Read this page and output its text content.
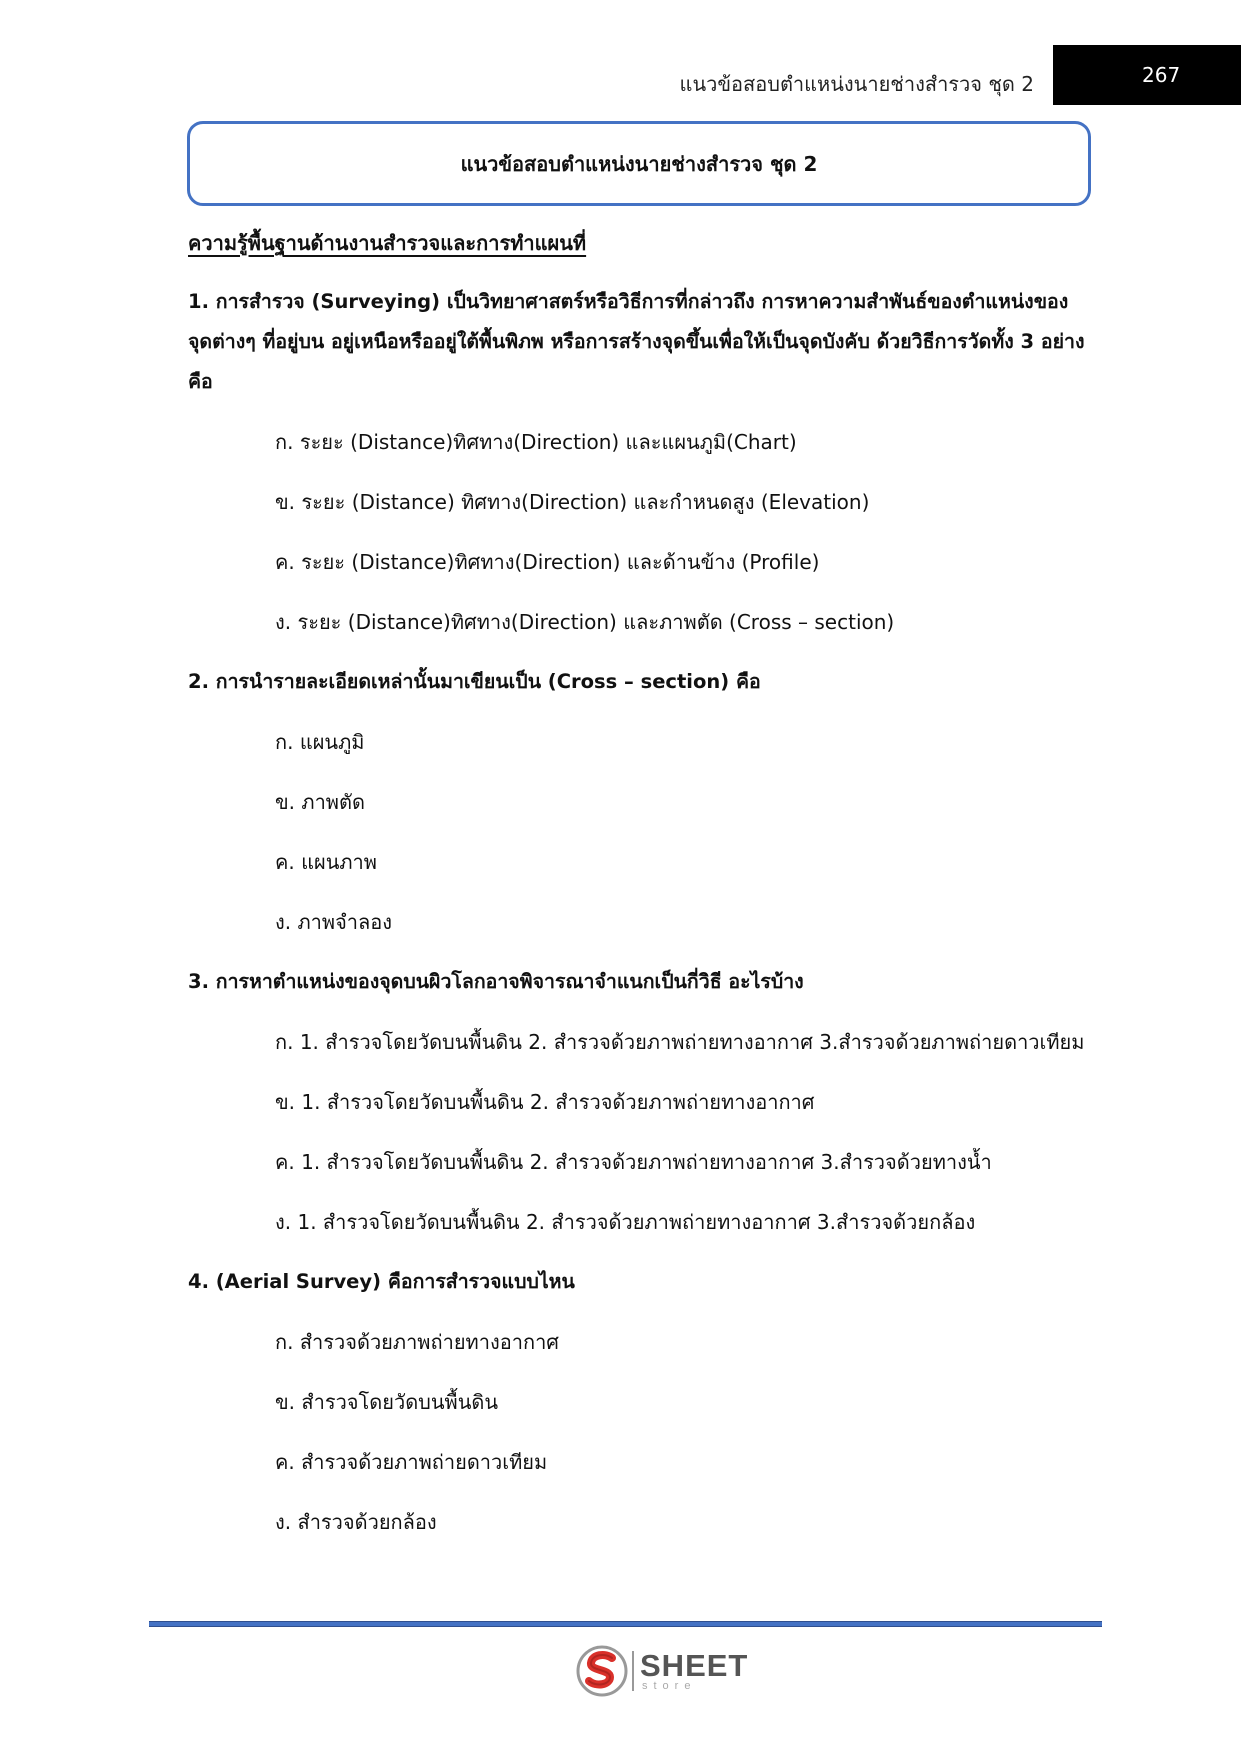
แนวข้อสอบตำแหน่งนายช่างสำรวจ ชุด 2	267
แนวข้อสอบตำแหน่งนายช่างสำรวจ ชุด 2
ความรู้พื้นฐานด้านงานสำรวจและการทำแผนที่
1. การสำรวจ (Surveying) เป็นวิทยาศาสตร์หรือวิธีการที่กล่าวถึง การหาความสำพันธ์ของตำแหน่งของจุดต่างๆ ที่อยู่บน อยู่เหนือหรืออยู่ใต้พื้นพิภพ หรือการสร้างจุดขึ้นเพื่อให้เป็นจุดบังคับ ด้วยวิธีการวัดทั้ง 3 อย่างคือ
ก. ระยะ (Distance)ทิศทาง(Direction) และแผนภูมิ(Chart)
ข. ระยะ (Distance) ทิศทาง(Direction) และกำหนดสูง (Elevation)
ค. ระยะ (Distance)ทิศทาง(Direction) และด้านข้าง (Profile)
ง. ระยะ (Distance)ทิศทาง(Direction) และภาพตัด (Cross – section)
2. การนำรายละเอียดเหล่านั้นมาเขียนเป็น (Cross – section) คือ
ก. แผนภูมิ
ข. ภาพตัด
ค. แผนภาพ
ง. ภาพจำลอง
3. การหาตำแหน่งของจุดบนผิวโลกอาจพิจารณาจำแนกเป็นกี่วิธี อะไรบ้าง
ก. 1. สำรวจโดยวัดบนพื้นดิน 2. สำรวจด้วยภาพถ่ายทางอากาศ 3.สำรวจด้วยภาพถ่ายดาวเทียม
ข. 1. สำรวจโดยวัดบนพื้นดิน 2. สำรวจด้วยภาพถ่ายทางอากาศ
ค. 1. สำรวจโดยวัดบนพื้นดิน 2. สำรวจด้วยภาพถ่ายทางอากาศ 3.สำรวจด้วยทางน้ำ
ง. 1. สำรวจโดยวัดบนพื้นดิน 2. สำรวจด้วยภาพถ่ายทางอากาศ 3.สำรวจด้วยกล้อง
4. (Aerial Survey) คือการสำรวจแบบไหน
ก. สำรวจด้วยภาพถ่ายทางอากาศ
ข. สำรวจโดยวัดบนพื้นดิน
ค. สำรวจด้วยภาพถ่ายดาวเทียม
ง. สำรวจด้วยกล้อง
SHEET
store
